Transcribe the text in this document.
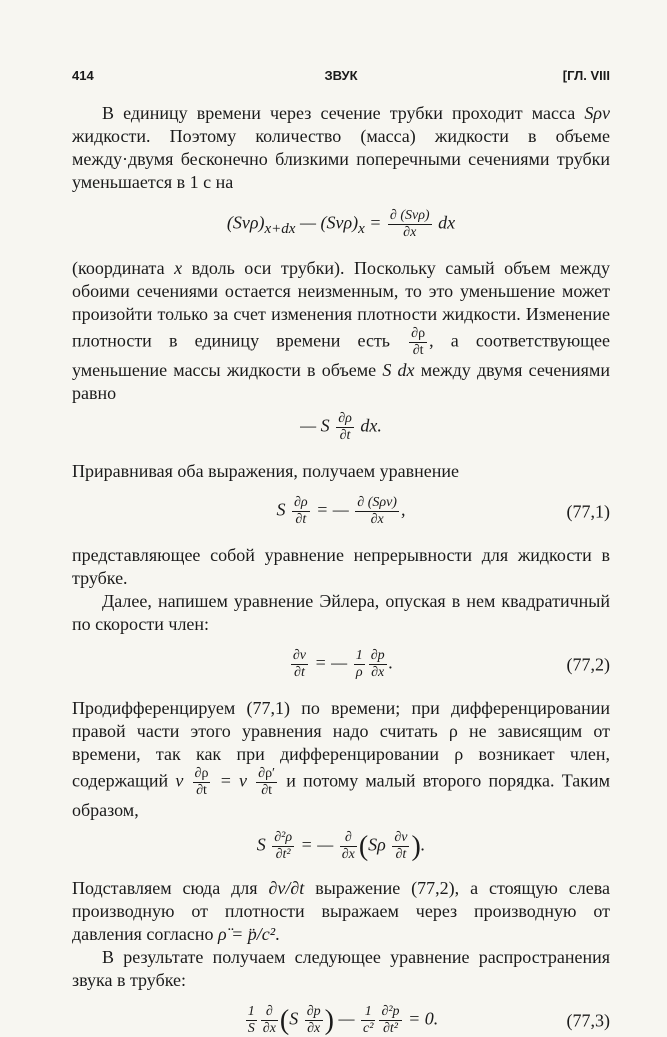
414	ЗВУК	[ГЛ. VIII

В единицу времени через сечение трубки проходит масса Sρv жидкости. Поэтому количество (масса) жидкости в объеме между·двумя бесконечно близкими поперечными сечениями трубки уменьшается в 1 с на

$(Sv\rho)_{x+dx}$ — $(Sv\rho)_x = \frac{\text{∂ (Svρ)}}{\partial x}$ dx

(координата x вдоль оси трубки). Поскольку самый объем между обоими сечениями остается неизменным, то это уменьшение может произойти только за счет изменения плотности жидкости. Изменение плотности в единицу времени есть $\frac{\partial\rho}{\partial t}$ , а соответствующее уменьшение массы жидкости в объеме S dx между двумя сечениями равно

— S $\frac{\partial\rho}{\partial t}$ dx.

Приравнивая оба выражения, получаем уравнение

S $\frac{\partial\rho}{\partial t}$ = — $\frac{\text{∂ (Sρv)}}{\partial x}$ ,	(77,1)

представляющее собой уравнение непрерывности для жидкости в трубке.

Далее, напишем уравнение Эйлера, опуская в нем квадратичный по скорости член:

$\frac{\partial v}{\partial t}$ = — $\frac{1}{\rho} \frac{\partial p}{\partial x}$ .	(77,2)

Продифференцируем (77,1) по времени; при дифференцировании правой части этого уравнения надо считать ρ не зависящим от времени, так как при дифференцировании ρ возникает член, содержащий v $\frac{\partial\rho}{\partial t} = v \frac{\partial\rho'}{\partial t}$ и потому малый второго порядка. Таким образом,

S $\frac{\text{∂²ρ}}{\text{∂t²}}$ = — $\frac{\partial}{\partial x} (S\rho \frac{\partial v}{\partial t}$ ).

Подставляем сюда для ∂v/∂t выражение (77,2), а стоящую слева производную от плотности выражаем через производную от давления согласно ρ̈ = p̈/c².

В результате получаем следующее уравнение распространения звука в трубке:

$\frac{1}{S} \frac{\partial}{\partial x} (S \frac{\partial p}{\partial x}$ ) — $\frac{1}{\text{c²}} \frac{\text{∂²p}}{\text{∂t²}} = 0$.	(77,3)
